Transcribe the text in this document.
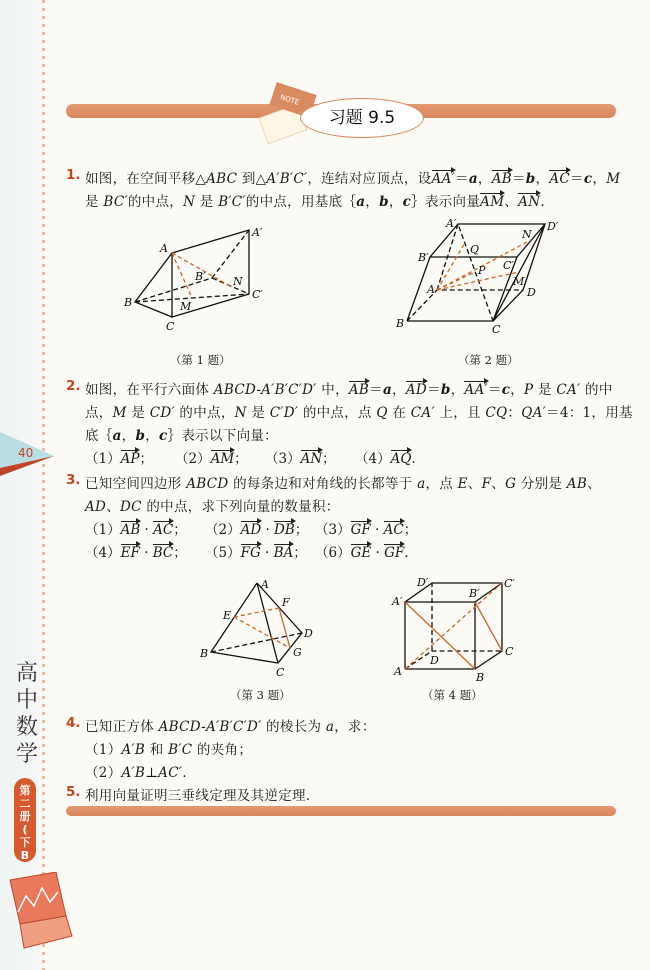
40
高中数学
第
二
册
(
下
B
NOTE
习题 9.5
1. 如图，在空间平移△ABC 到△A′B′C′，连结对应顶点，设AA′＝a，AB＝b，AC＝c，M
是 BC′的中点，N 是 B′C′的中点，用基底｛a，b，c｝表示向量AM、AN.
2. 如图，在平行六面体 ABCD-A′B′C′D′ 中，AB＝a，AD＝b，AA′＝c，P 是 CA′ 的中
点，M 是 CD′ 的中点，N 是 C′D′ 的中点，点 Q 在 CA′ 上，且 CQ：QA′＝4：1，用基
底｛a，b，c｝表示以下向量：
（1）AP； （2）AM； （3）AN； （4）AQ.
3. 已知空间四边形 ABCD 的每条边和对角线的长都等于 a，点 E、F、G 分别是 AB、
AD、DC 的中点，求下列向量的数量积：
（1）AB · AC； （2）AD · DB； （3）GF · AC；
（4）EF · BC； （5）FG · BA； （6）GE · GF.
4. 已知正方体 ABCD-A′B′C′D′ 的棱长为 a，求：
（1）A′B 和 B′C 的夹角；
（2）A′B⊥AC′.
5. 利用向量证明三垂线定理及其逆定理.
A
A′
B
B′
C
C′
M
N
A
B	C
D
A′
B′
C′
D′
P
Q
M
N
A
B
C
D
E
F
G
A	B
C
D
A′
B′
C′
D′
（第 1 题）	（第 2 题）
（第 3 题）	（第 4 题）
